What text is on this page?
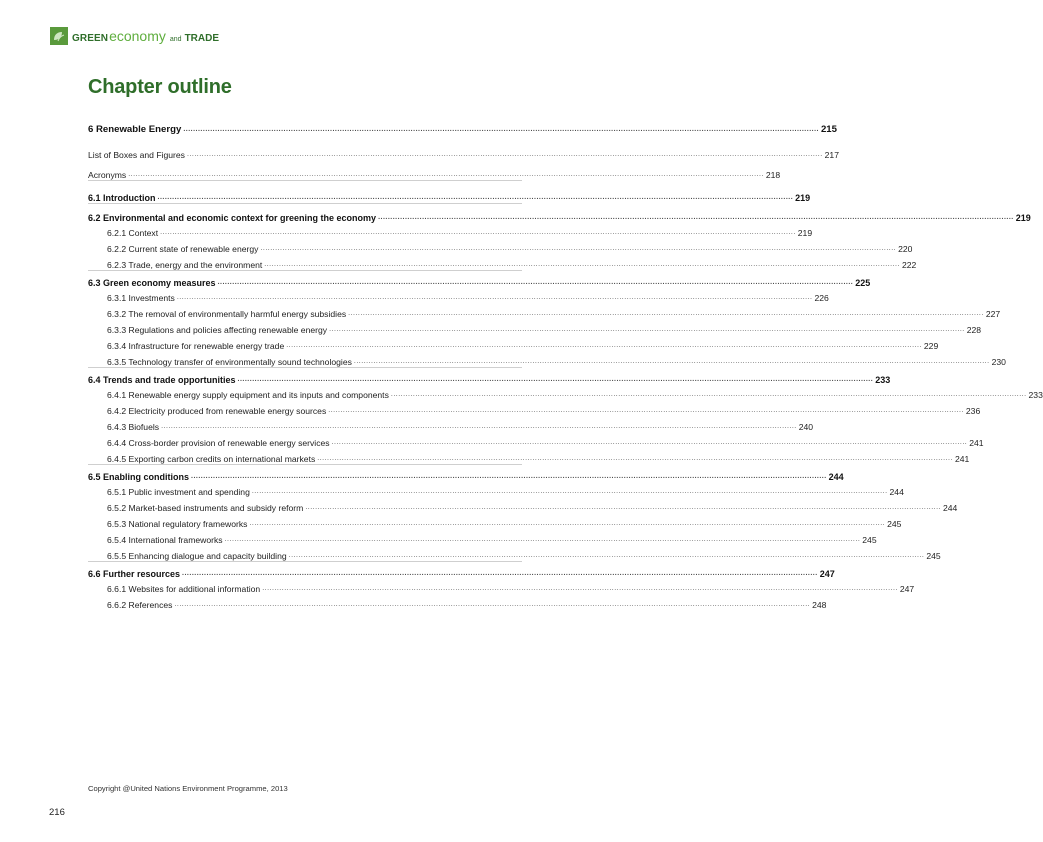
GREEN economy and TRADE
Chapter outline
6 Renewable Energy .................................................................................................................................................................................................................................................................... 215
List of Boxes and Figures .................................................................................................................................................................................................................................................................... 217
Acronyms .................................................................................................................................................................................................................................................................... 218
6.1 Introduction .................................................................................................................................................................................................................................................................... 219
6.2 Environmental and economic context for greening the economy .................................................................................................................................................................................................................................................................... 219
6.2.1 Context .................................................................................................................................................................................................................................................................... 219
6.2.2 Current state of renewable energy .................................................................................................................................................................................................................................................................... 220
6.2.3 Trade, energy and the environment .................................................................................................................................................................................................................................................................... 222
6.3 Green economy measures .................................................................................................................................................................................................................................................................... 225
6.3.1 Investments .................................................................................................................................................................................................................................................................... 226
6.3.2 The removal of environmentally harmful energy subsidies .................................................................................................................................................................................................................................................................... 227
6.3.3 Regulations and policies affecting renewable energy .................................................................................................................................................................................................................................................................... 228
6.3.4 Infrastructure for renewable energy trade .................................................................................................................................................................................................................................................................... 229
6.3.5 Technology transfer of environmentally sound technologies .................................................................................................................................................................................................................................................................... 230
6.4 Trends and trade opportunities .................................................................................................................................................................................................................................................................... 233
6.4.1 Renewable energy supply equipment and its inputs and components .................................................................................................................................................................................................................................................................... 233
6.4.2 Electricity produced from renewable energy sources .................................................................................................................................................................................................................................................................... 236
6.4.3 Biofuels .................................................................................................................................................................................................................................................................... 240
6.4.4 Cross-border provision of renewable energy services .................................................................................................................................................................................................................................................................... 241
6.4.5 Exporting carbon credits on international markets .................................................................................................................................................................................................................................................................... 241
6.5 Enabling conditions .................................................................................................................................................................................................................................................................... 244
6.5.1 Public investment and spending .................................................................................................................................................................................................................................................................... 244
6.5.2 Market-based instruments and subsidy reform .................................................................................................................................................................................................................................................................... 244
6.5.3 National regulatory frameworks .................................................................................................................................................................................................................................................................... 245
6.5.4 International frameworks .................................................................................................................................................................................................................................................................... 245
6.5.5 Enhancing dialogue and capacity building .................................................................................................................................................................................................................................................................... 245
6.6 Further resources .................................................................................................................................................................................................................................................................... 247
6.6.1 Websites for additional information .................................................................................................................................................................................................................................................................... 247
6.6.2 References .................................................................................................................................................................................................................................................................... 248
Copyright @United Nations Environment Programme, 2013
216
